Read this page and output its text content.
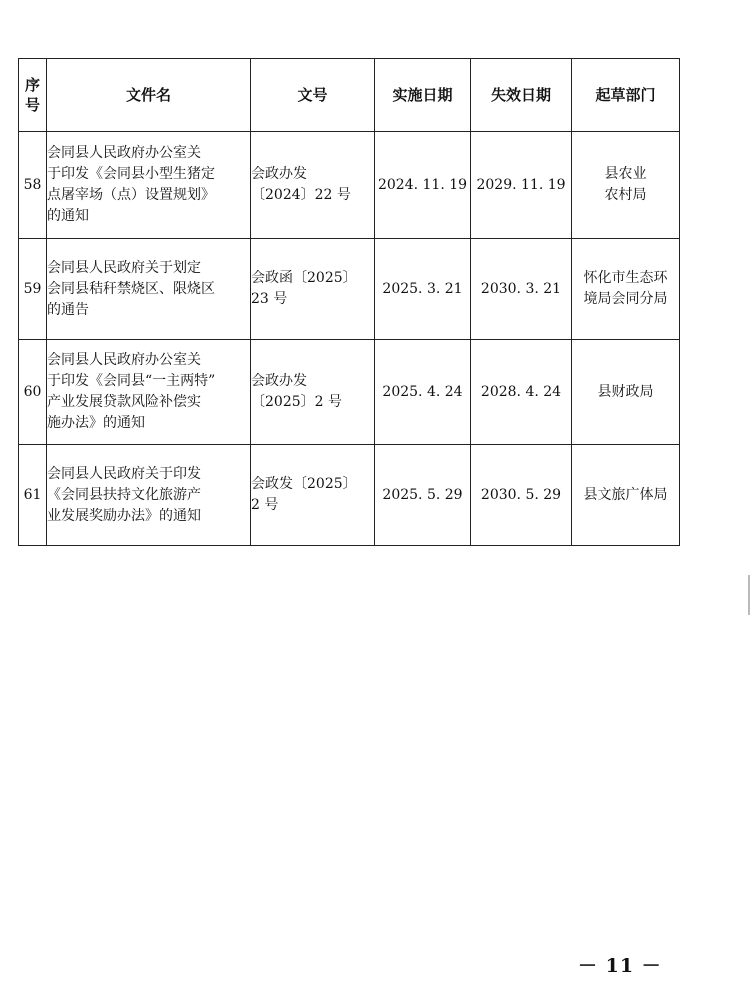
序
号	文件名	文号	实施日期	失效日期	起草部门
58	会同县人民政府办公室关
于印发《会同县小型生猪定
点屠宰场（点）设置规划》
的通知	会政办发
〔2024〕22 号	2024. 11. 19	2029. 11. 19	县农业
农村局

59	会同县人民政府关于划定
会同县秸秆禁烧区、限烧区
的通告	会政函〔2025〕
23 号	2025. 3. 21	2030. 3. 21	怀化市生态环
境局会同分局

60	会同县人民政府办公室关
于印发《会同县“一主两特”
产业发展贷款风险补偿实
施办法》的通知	会政办发
〔2025〕2 号	2025. 4. 24	2028. 4. 24	县财政局

61	会同县人民政府关于印发
《会同县扶持文化旅游产
业发展奖励办法》的通知	会政发〔2025〕
2 号	2025. 5. 29	2030. 5. 29	县文旅广体局
－ 11 －
